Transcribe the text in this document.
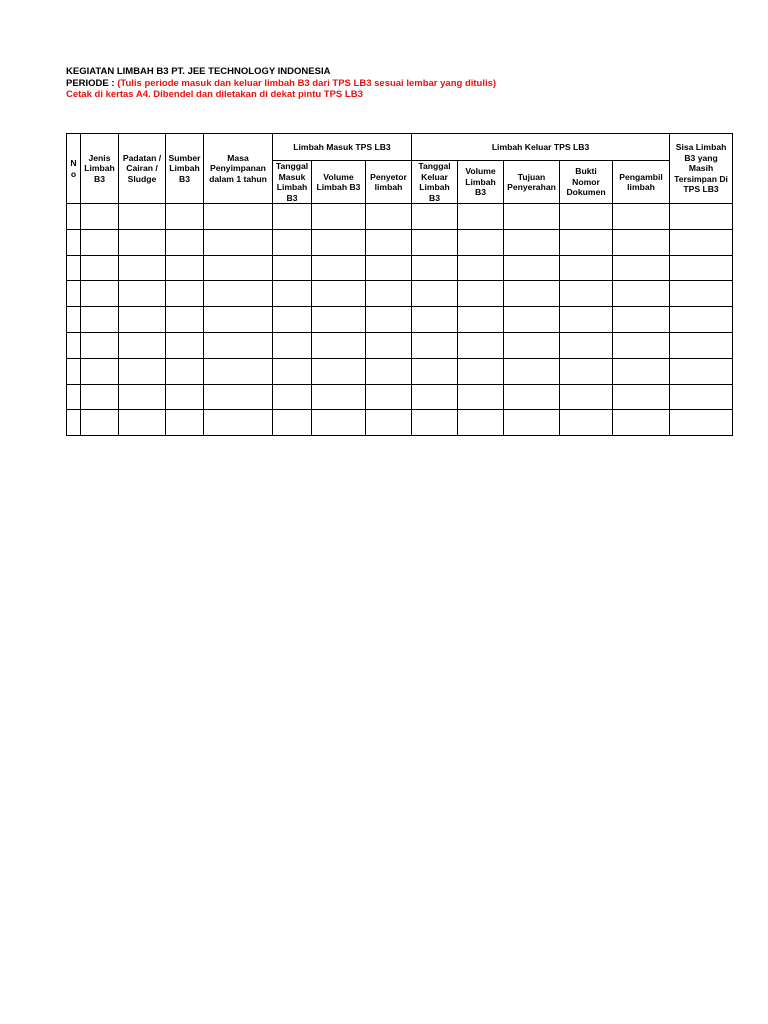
KEGIATAN LIMBAH B3 PT. JEE TECHNOLOGY INDONESIA
PERIODE : (Tulis periode masuk dan keluar limbah B3 dari TPS LB3 sesuai lembar yang ditulis)
Cetak di kertas A4. Dibendel dan diletakan di dekat pintu TPS LB3
N
o	Jenis Limbah B3	Padatan / Cairan / Sludge	Sumber Limbah B3	Masa Penyimpanan dalam 1 tahun	Limbah Masuk TPS LB3			Limbah Keluar TPS LB3					Sisa Limbah B3 yang Masih Tersimpan Di TPS LB3
					Tanggal Masuk Limbah B3	Volume Limbah B3	Penyetor limbah	Tanggal Keluar Limbah B3	Volume Limbah B3	Tujuan Penyerahan	Bukti Nomor Dokumen	Pengambil limbah	
